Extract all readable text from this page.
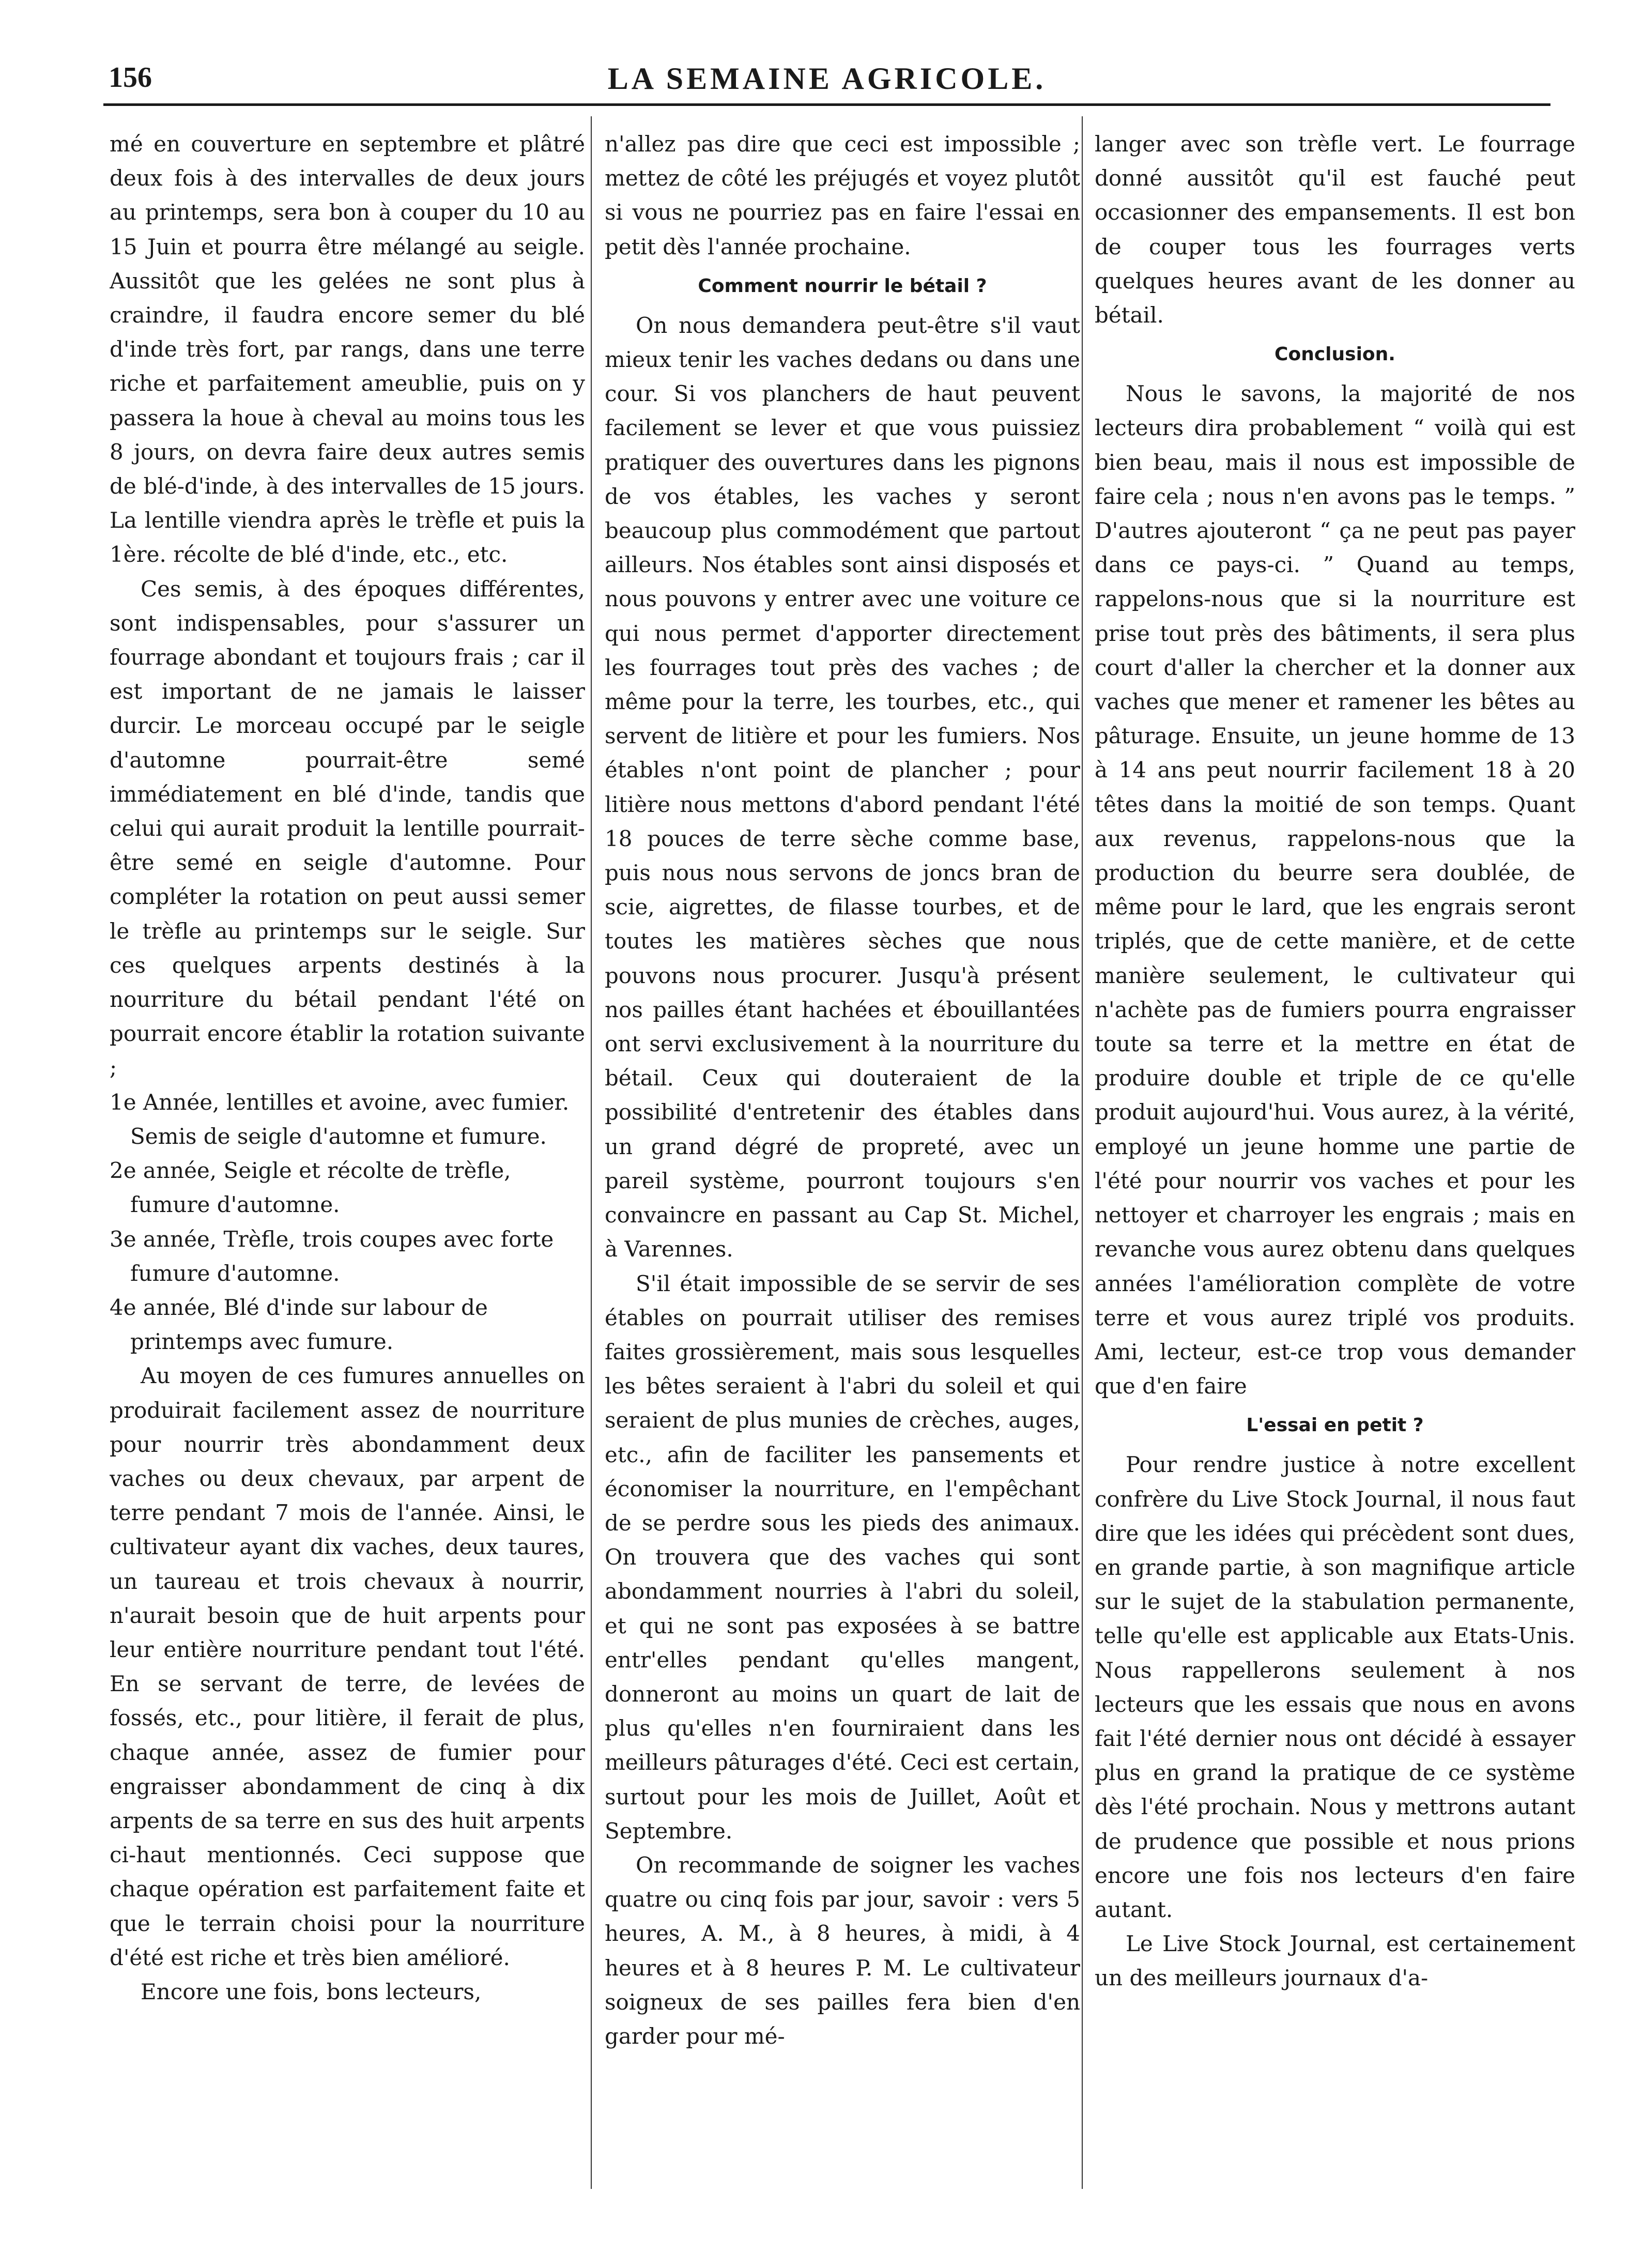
156	LA SEMAINE AGRICOLE.

mé en couverture en septembre et plâtré deux fois à des intervalles de deux jours au printemps, sera bon à couper du 10 au 15 Juin et pourra être mélangé au seigle. Aussitôt que les gelées ne sont plus à craindre, il faudra encore semer du blé d'inde très fort, par rangs, dans une terre riche et parfaitement ameublie, puis on y passera la houe à cheval au moins tous les 8 jours, on devra faire deux autres semis de blé-d'inde, à des intervalles de 15 jours. La lentille viendra après le trèfle et puis la 1ère. récolte de blé d'inde, etc., etc.

Ces semis, à des époques différentes, sont indispensables, pour s'assurer un fourrage abondant et toujours frais ; car il est important de ne jamais le laisser durcir. Le morceau occupé par le seigle d'automne pourrait-être semé immédiatement en blé d'inde, tandis que celui qui aurait produit la lentille pourrait-être semé en seigle d'automne. Pour compléter la rotation on peut aussi semer le trèfle au printemps sur le seigle. Sur ces quelques arpents destinés à la nourriture du bétail pendant l'été on pourrait encore établir la rotation suivante ;

1e Année, lentilles et avoine, avec fumier. Semis de seigle d'automne et fumure.

2e année, Seigle et récolte de trèfle, fumure d'automne.

3e année, Trèfle, trois coupes avec forte fumure d'automne.

4e année, Blé d'inde sur labour de printemps avec fumure.

Au moyen de ces fumures annuelles on produirait facilement assez de nourriture pour nourrir très abondamment deux vaches ou deux chevaux, par arpent de terre pendant 7 mois de l'année. Ainsi, le cultivateur ayant dix vaches, deux taures, un taureau et trois chevaux à nourrir, n'aurait besoin que de huit arpents pour leur entière nourriture pendant tout l'été. En se servant de terre, de levées de fossés, etc., pour litière, il ferait de plus, chaque année, assez de fumier pour engraisser abondamment de cinq à dix arpents de sa terre en sus des huit arpents ci-haut mentionnés. Ceci suppose que chaque opération est parfaitement faite et que le terrain choisi pour la nourriture d'été est riche et très bien amélioré.

Encore une fois, bons lecteurs,

n'allez pas dire que ceci est impossible ; mettez de côté les préjugés et voyez plutôt si vous ne pourriez pas en faire l'essai en petit dès l'année prochaine.

Comment nourrir le bétail ?

On nous demandera peut-être s'il vaut mieux tenir les vaches dedans ou dans une cour. Si vos planchers de haut peuvent facilement se lever et que vous puissiez pratiquer des ouvertures dans les pignons de vos étables, les vaches y seront beaucoup plus commodément que partout ailleurs. Nos étables sont ainsi disposés et nous pouvons y entrer avec une voiture ce qui nous permet d'apporter directement les fourrages tout près des vaches ; de même pour la terre, les tourbes, etc., qui servent de litière et pour les fumiers. Nos étables n'ont point de plancher ; pour litière nous mettons d'abord pendant l'été 18 pouces de terre sèche comme base, puis nous nous servons de joncs bran de scie, aigrettes, de filasse tourbes, et de toutes les matières sèches que nous pouvons nous procurer. Jusqu'à présent nos pailles étant hachées et ébouillantées ont servi exclusivement à la nourriture du bétail. Ceux qui douteraient de la possibilité d'entretenir des étables dans un grand dégré de propreté, avec un pareil système, pourront toujours s'en convaincre en passant au Cap St. Michel, à Varennes.

S'il était impossible de se servir de ses étables on pourrait utiliser des remises faites grossièrement, mais sous lesquelles les bêtes seraient à l'abri du soleil et qui seraient de plus munies de crèches, auges, etc., afin de faciliter les pansements et économiser la nourriture, en l'empêchant de se perdre sous les pieds des animaux. On trouvera que des vaches qui sont abondamment nourries à l'abri du soleil, et qui ne sont pas exposées à se battre entr'elles pendant qu'elles mangent, donneront au moins un quart de lait de plus qu'elles n'en fourniraient dans les meilleurs pâturages d'été. Ceci est certain, surtout pour les mois de Juillet, Août et Septembre.

On recommande de soigner les vaches quatre ou cinq fois par jour, savoir : vers 5 heures, A. M., à 8 heures, à midi, à 4 heures et à 8 heures P. M. Le cultivateur soigneux de ses pailles fera bien d'en garder pour mé-

langer avec son trèfle vert. Le fourrage donné aussitôt qu'il est fauché peut occasionner des empansements. Il est bon de couper tous les fourrages verts quelques heures avant de les donner au bétail.

Conclusion.

Nous le savons, la majorité de nos lecteurs dira probablement “ voilà qui est bien beau, mais il nous est impossible de faire cela ; nous n'en avons pas le temps. ” D'autres ajouteront “ ça ne peut pas payer dans ce pays-ci. ” Quand au temps, rappelons-nous que si la nourriture est prise tout près des bâtiments, il sera plus court d'aller la chercher et la donner aux vaches que mener et ramener les bêtes au pâturage. Ensuite, un jeune homme de 13 à 14 ans peut nourrir facilement 18 à 20 têtes dans la moitié de son temps. Quant aux revenus, rappelons-nous que la production du beurre sera doublée, de même pour le lard, que les engrais seront triplés, que de cette manière, et de cette manière seulement, le cultivateur qui n'achète pas de fumiers pourra engraisser toute sa terre et la mettre en état de produire double et triple de ce qu'elle produit aujourd'hui. Vous aurez, à la vérité, employé un jeune homme une partie de l'été pour nourrir vos vaches et pour les nettoyer et charroyer les engrais ; mais en revanche vous aurez obtenu dans quelques années l'amélioration complète de votre terre et vous aurez triplé vos produits. Ami, lecteur, est-ce trop vous demander que d'en faire

L'essai en petit ?

Pour rendre justice à notre excellent confrère du Live Stock Journal, il nous faut dire que les idées qui précèdent sont dues, en grande partie, à son magnifique article sur le sujet de la stabulation permanente, telle qu'elle est applicable aux Etats-Unis. Nous rappellerons seulement à nos lecteurs que les essais que nous en avons fait l'été dernier nous ont décidé à essayer plus en grand la pratique de ce système dès l'été prochain. Nous y mettrons autant de prudence que possible et nous prions encore une fois nos lecteurs d'en faire autant.

Le Live Stock Journal, est certainement un des meilleurs journaux d'a-
